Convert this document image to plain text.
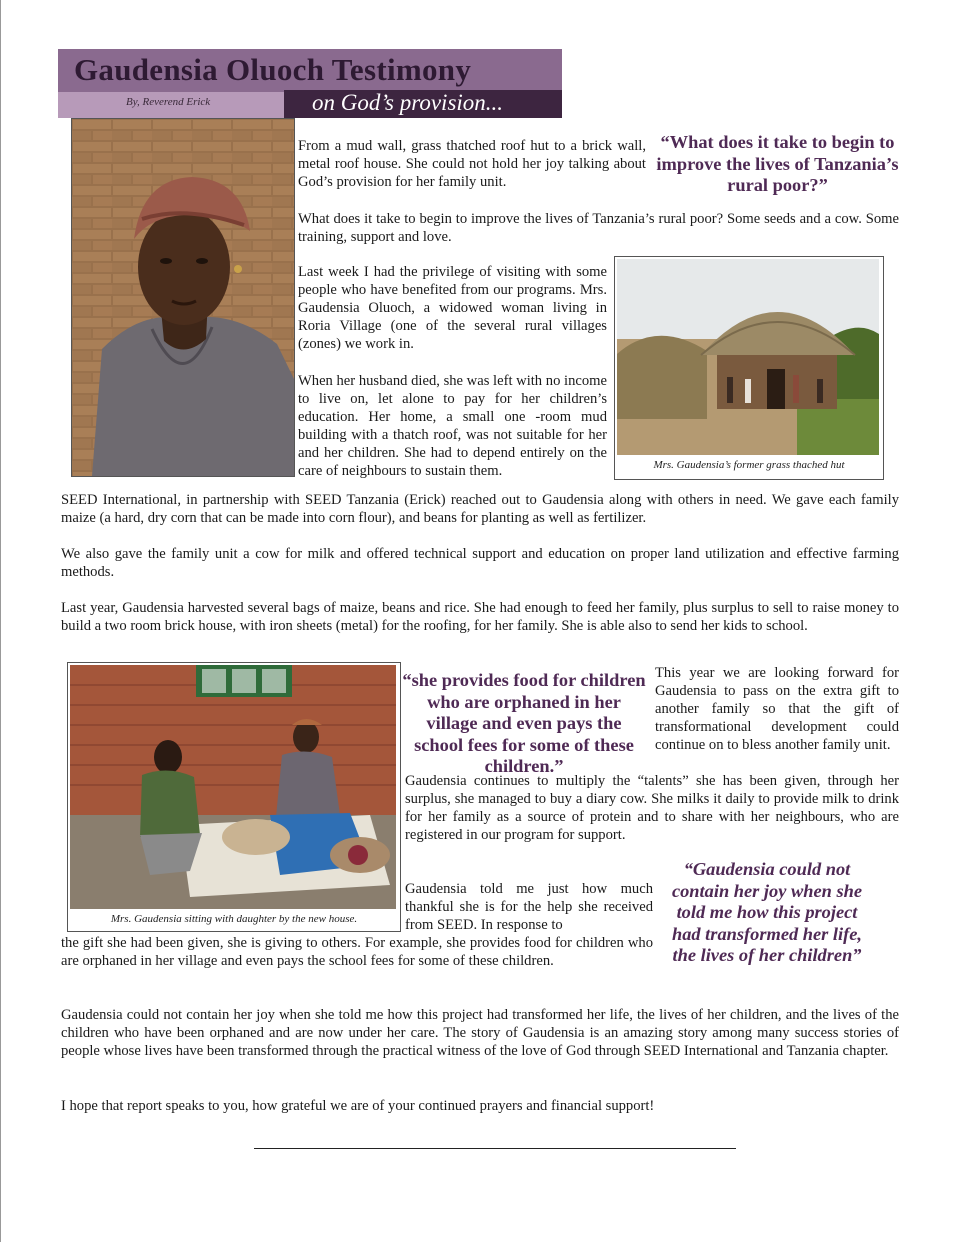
Gaudensia Oluoch Testimony
By, Reverend Erick	on God’s provision...

From a mud wall, grass thatched roof hut to a brick wall, metal roof house. She could not hold her joy talking about God’s provision for her family unit.

“What does it take to begin to improve the lives of Tanzania’s rural poor?”

What does it take to begin to improve the lives of Tanzania’s rural poor? Some seeds and a cow. Some training, support and love.

Last week I had the privilege of visiting with some people who have benefited from our programs. Mrs. Gaudensia Oluoch, a widowed woman living in Roria Village (one of the several rural villages (zones) we work in.

When her husband died, she was left with no income to live on, let alone to pay for her children’s education. Her home, a small one -room mud building with a thatch roof, was not suitable for her and her children. She had to depend entirely on the care of neighbours to sustain them.	Mrs. Gaudensia’s former grass thached hut

SEED International, in partnership with SEED Tanzania (Erick) reached out to Gaudensia along with others in need. We gave each family maize (a hard, dry corn that can be made into corn flour), and beans for planting as well as fertilizer.

We also gave the family unit a cow for milk and offered technical support and education on proper land utilization and effective farming methods.

Last year, Gaudensia harvested several bags of maize, beans and rice. She had enough to feed her family, plus surplus to sell to raise money to build a two room brick house, with iron sheets (metal) for the roofing, for her family. She is able also to send her kids to school.

Mrs. Gaudensia sitting with daughter by the new house.
“she provides food for children who are orphaned in her village and even pays the school fees for some of these children.”

This year we are looking forward for Gaudensia to pass on the extra gift to another family so that the gift of transformational development could continue on to bless another family unit.

Gaudensia continues to multiply the “talents” she has been given, through her surplus, she managed to buy a diary cow. She milks it daily to provide milk to drink for her family as a source of protein and to share with her neighbours, who are registered in our program for support.

“Gaudensia could not contain her joy when she told me how this project had transformed her life, the lives of her children”

Gaudensia told me just how much thankful she is for the help she received from SEED. In response to

the gift she had been given, she is giving to others. For example, she provides food for children who are orphaned in her village and even pays the school fees for some of these children.

Gaudensia could not contain her joy when she told me how this project had transformed her life, the lives of her children, and the lives of the children who have been orphaned and are now under her care. The story of Gaudensia is an amazing story among many success stories of people whose lives have been transformed through the practical witness of the love of God through SEED International and Tanzania chapter.

I hope that report speaks to you, how grateful we are of your continued prayers and financial support!
